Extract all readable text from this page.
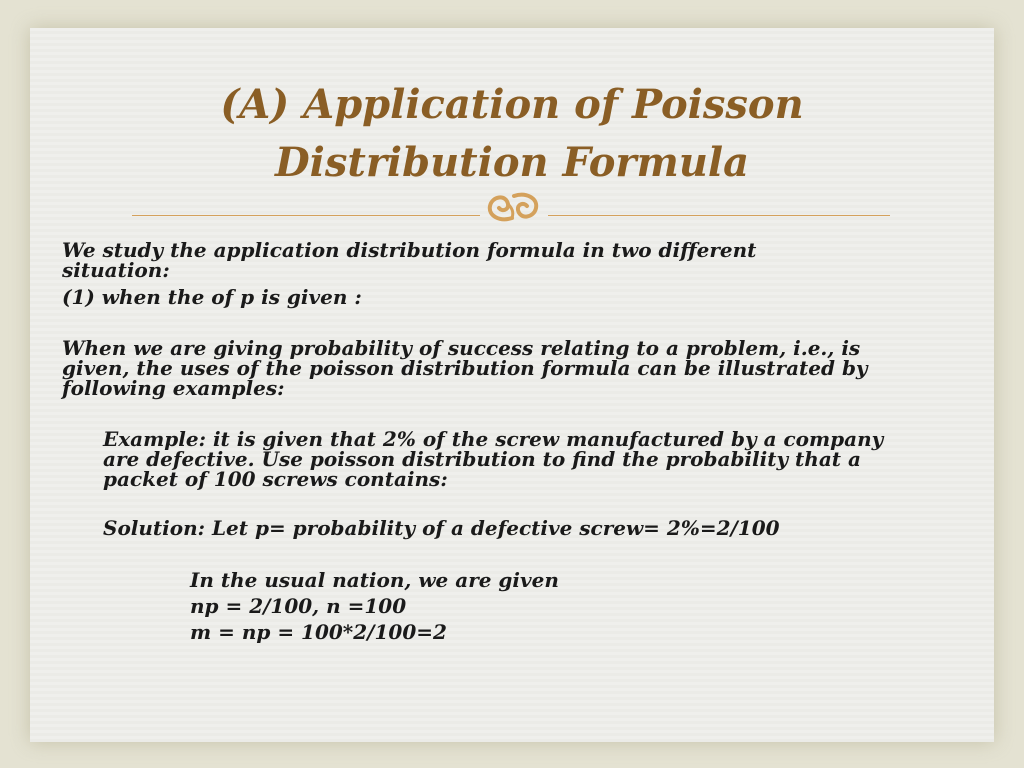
(A) Application of Poisson
Distribution Formula

We study the application distribution formula in two different

situation:

(1) when the of p is given :

When we are giving probability of success relating to a problem, i.e., is

given, the uses of the poisson distribution formula can be illustrated by

following examples:

Example: it is given that 2% of the screw manufactured by a company

are defective. Use poisson distribution to find the probability that a

packet of 100 screws contains:

Solution: Let p= probability of a defective screw= 2%=2/100

In the usual nation, we are given

np = 2/100, n =100

m = np = 100*2/100=2
